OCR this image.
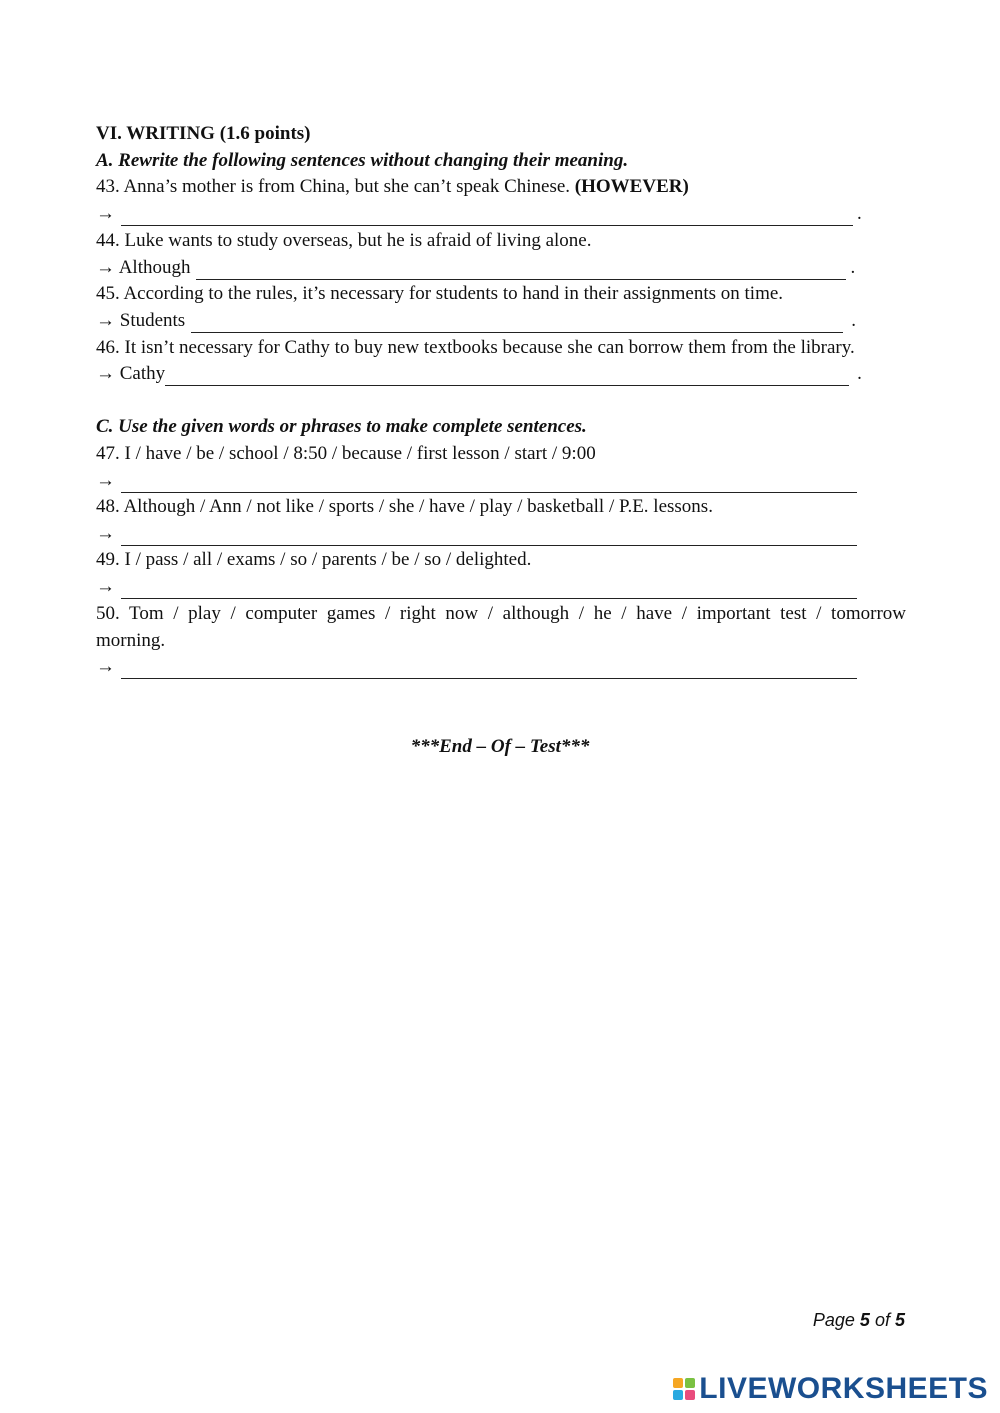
VI. WRITING (1.6 points)
A. Rewrite the following sentences without changing their meaning.
43. Anna’s mother is from China, but she can’t speak Chinese. (HOWEVER)
→	.
44. Luke wants to study overseas, but he is afraid of living alone.
→ Although	.
45. According to the rules, it’s necessary for students to hand in their assignments on time.
→ Students	.
46. It isn’t necessary for Cathy to buy new textbooks because she can borrow them from the library.
→ Cathy	.
C. Use the given words or phrases to make complete sentences.
47. I / have / be / school / 8:50 / because / first lesson / start / 9:00
→
48. Although / Ann / not like / sports / she / have / play / basketball / P.E. lessons.
→
49. I / pass / all / exams / so / parents / be / so / delighted.
→
50. Tom / play / computer games / right now / although / he / have / important test / tomorrow
morning.
→
***End – Of – Test***
Page 5 of 5
LIVEWORKSHEETS
